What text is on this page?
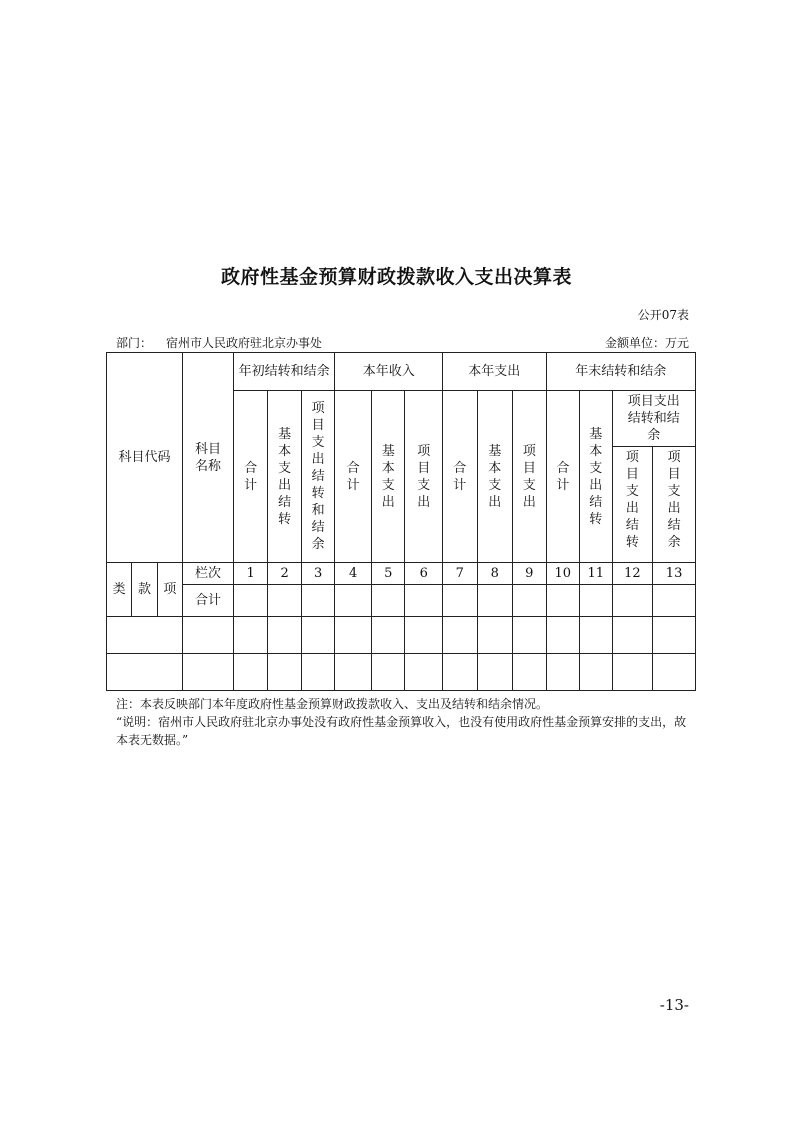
政府性基金预算财政拨款收入支出决算表
公开07表
部门： 宿州市人民政府驻北京办事处	金额单位：万元
科目代码			科目名称	年初结转和结余			本年收入			本年支出			年末结转和结余			
				合计	基本支出结转	项目支出结转和结余	合计	基本支出	项目支出	合计	基本支出	项目支出	合计	基本支出结转	项目支出结转和结余	
															项目支出结转	项目支出结余
类	款	项	栏次	1	2	3	4	5	6	7	8	9	10	11	12	13
			合计													

注：本表反映部门本年度政府性基金预算财政拨款收入、支出及结转和结余情况。

“说明：宿州市人民政府驻北京办事处没有政府性基金预算收入，也没有使用政府性基金预算安排的支出，故本表无数据。”

-13-
